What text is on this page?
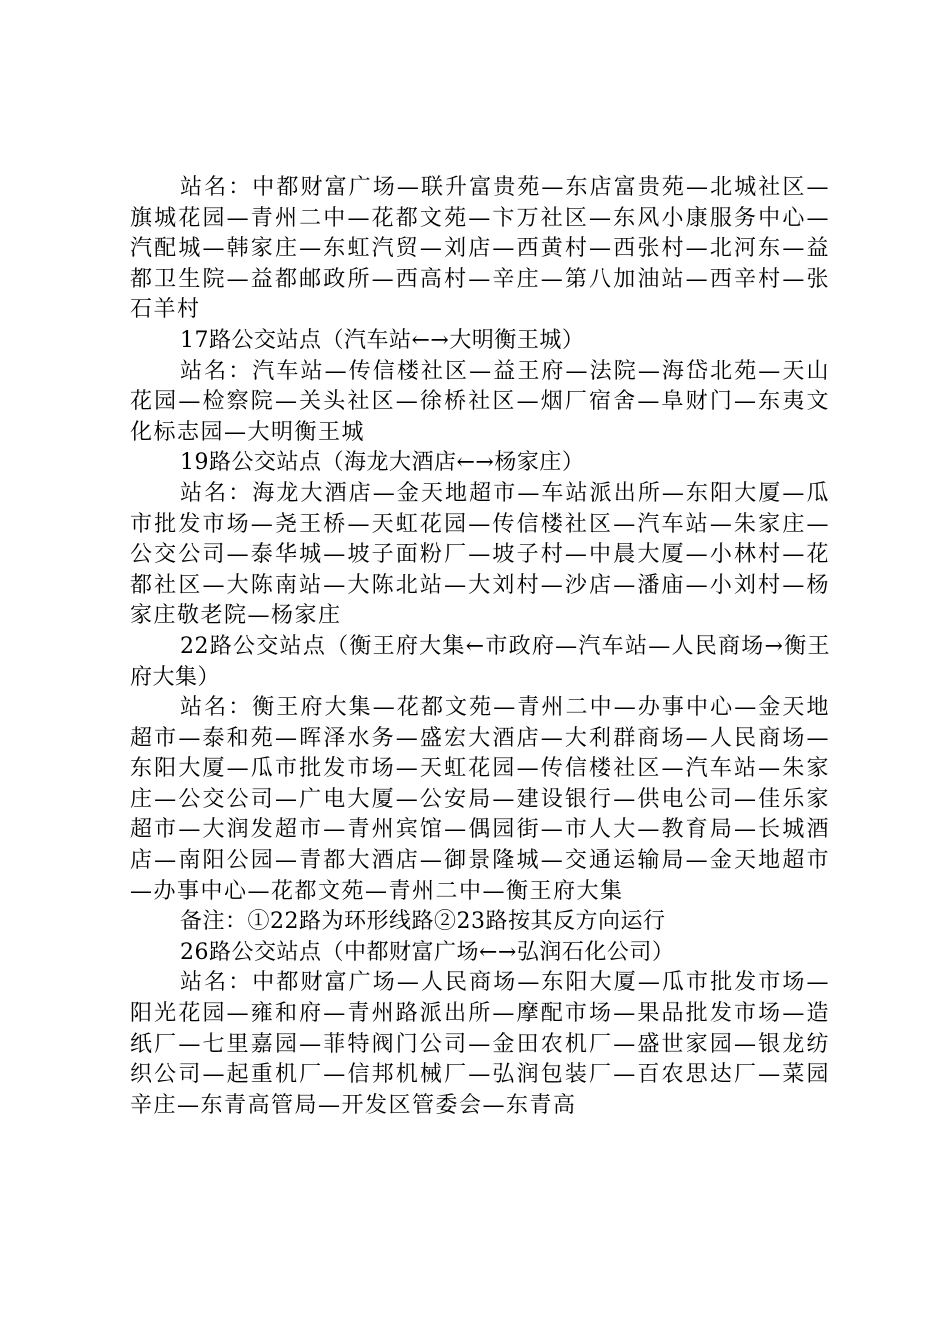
站名：中都财富广场—联升富贵苑—东店富贵苑—北城社区—旗城花园—青州二中—花都文苑—卞万社区—东风小康服务中心—汽配城—韩家庄—东虹汽贸—刘店—西黄村—西张村—北河东—益都卫生院—益都邮政所—西高村—辛庄—第八加油站—西辛村—张石羊村

17路公交站点（汽车站←→大明衡王城）

站名：汽车站—传信楼社区—益王府—法院—海岱北苑—天山花园—检察院—关头社区—徐桥社区—烟厂宿舍—阜财门—东夷文化标志园—大明衡王城

19路公交站点（海龙大酒店←→杨家庄）

站名：海龙大酒店—金天地超市—车站派出所—东阳大厦—瓜市批发市场—尧王桥—天虹花园—传信楼社区—汽车站—朱家庄—公交公司—泰华城—坡子面粉厂—坡子村—中晨大厦—小林村—花都社区—大陈南站—大陈北站—大刘村—沙店—潘庙—小刘村—杨家庄敬老院—杨家庄

22路公交站点（衡王府大集←市政府—汽车站—人民商场→衡王府大集）

站名：衡王府大集—花都文苑—青州二中—办事中心—金天地超市—泰和苑—晖泽水务—盛宏大酒店—大利群商场—人民商场—东阳大厦—瓜市批发市场—天虹花园—传信楼社区—汽车站—朱家庄—公交公司—广电大厦—公安局—建设银行—供电公司—佳乐家超市—大润发超市—青州宾馆—偶园街—市人大—教育局—长城酒店—南阳公园—青都大酒店—御景隆城—交通运输局—金天地超市—办事中心—花都文苑—青州二中—衡王府大集

备注：①22路为环形线路②23路按其反方向运行

26路公交站点（中都财富广场←→弘润石化公司）

站名：中都财富广场—人民商场—东阳大厦—瓜市批发市场—阳光花园—雍和府—青州路派出所—摩配市场—果品批发市场—造纸厂—七里嘉园—菲特阀门公司—金田农机厂—盛世家园—银龙纺织公司—起重机厂—信邦机械厂—弘润包装厂—百农思达厂—菜园辛庄—东青高管局—开发区管委会—东青高
